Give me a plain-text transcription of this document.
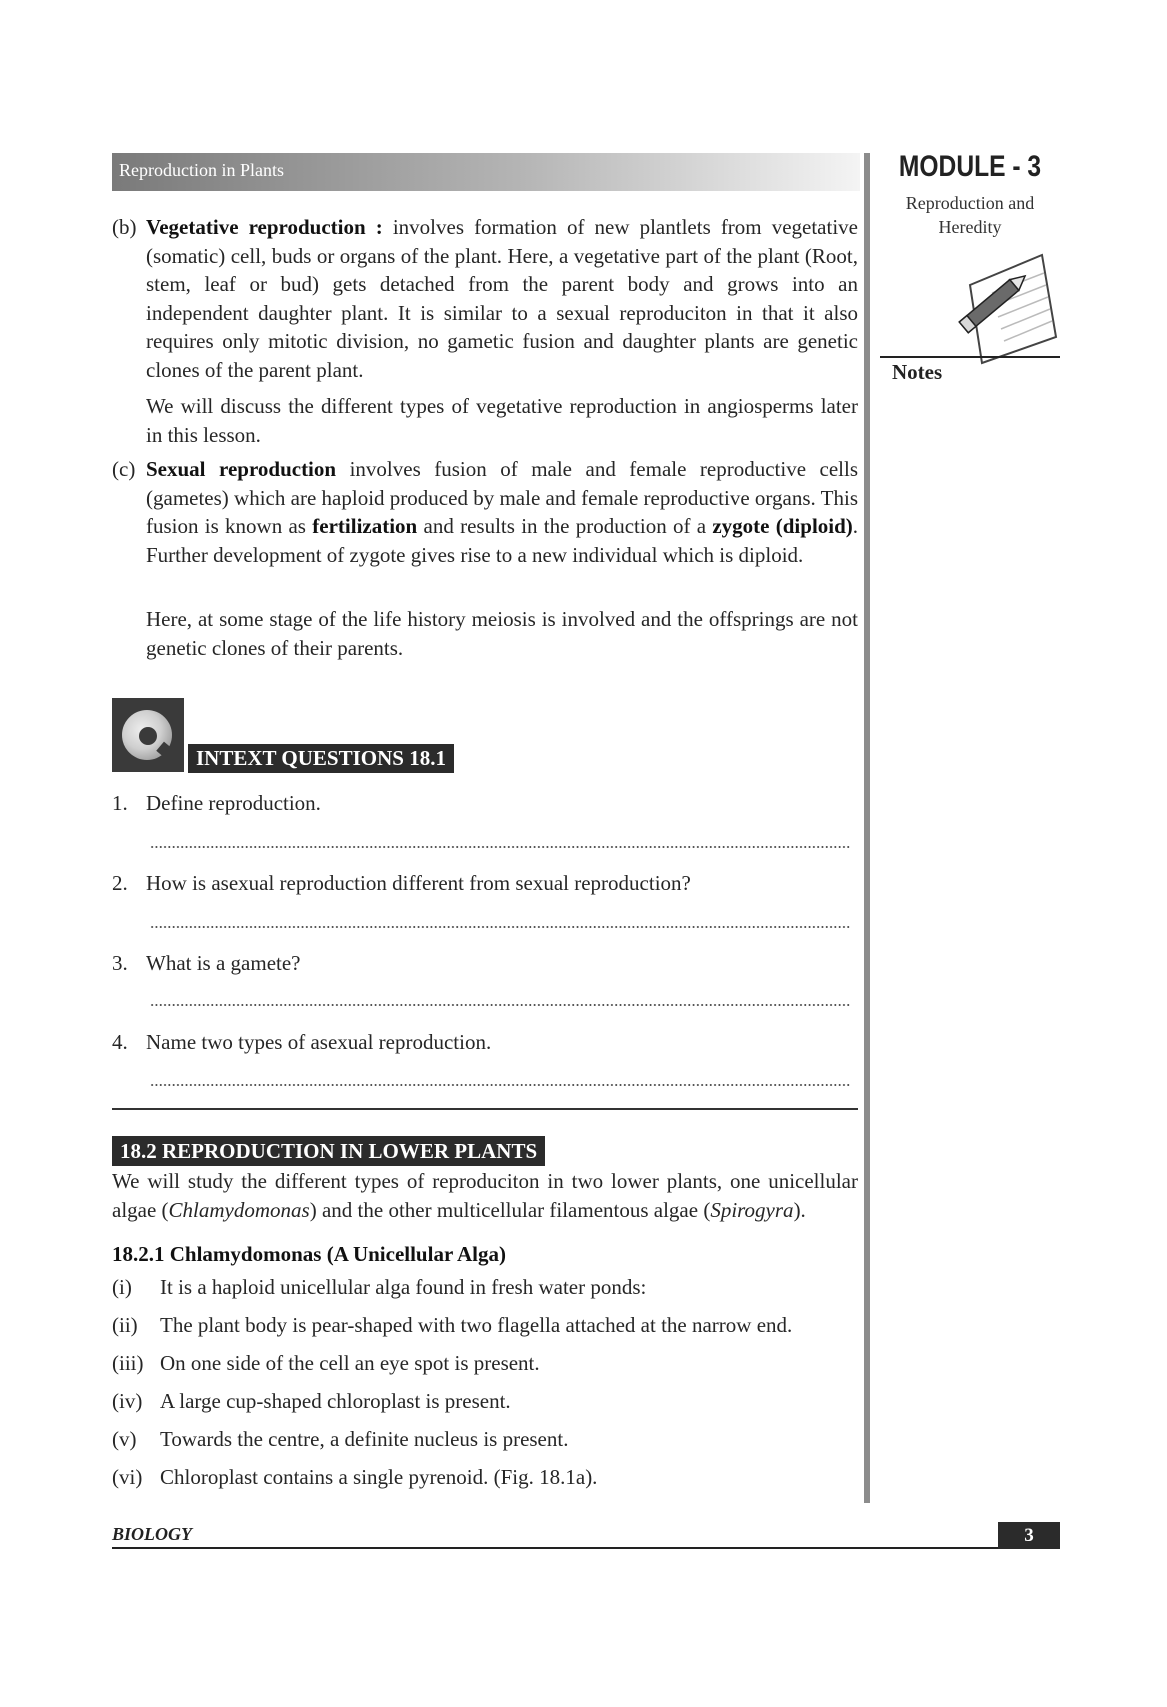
Reproduction in Plants	MODULE - 3
Reproduction and
Heredity
Notes
(b) Vegetative reproduction : involves formation of new plantlets from vegetative (somatic) cell, buds or organs of the plant. Here, a vegetative part of the plant (Root, stem, leaf or bud) gets detached from the parent body and grows into an independent daughter plant. It is similar to a sexual reproduciton in that it also requires only mitotic division, no gametic fusion and daughter plants are genetic clones of the parent plant.
We will discuss the different types of vegetative reproduction in angiosperms later in this lesson.
(c) Sexual reproduction involves fusion of male and female reproductive cells (gametes) which are haploid produced by male and female reproductive organs. This fusion is known as fertilization and results in the production of a zygote (diploid). Further development of zygote gives rise to a new individual which is diploid.
Here, at some stage of the life history meiosis is involved and the offsprings are not genetic clones of their parents.
INTEXT QUESTIONS 18.1
1. Define reproduction.
2. How is asexual reproduction different from sexual reproduction?
3. What is a gamete?
4. Name two types of asexual reproduction.
18.2 REPRODUCTION IN LOWER PLANTS
We will study the different types of reproduciton in two lower plants, one unicellular algae (Chlamydomonas) and the other multicellular filamentous algae (Spirogyra).
18.2.1 Chlamydomonas (A Unicellular Alga)
(i) It is a haploid unicellular alga found in fresh water ponds:
(ii) The plant body is pear-shaped with two flagella attached at the narrow end.
(iii) On one side of the cell an eye spot is present.
(iv) A large cup-shaped chloroplast is present.
(v) Towards the centre, a definite nucleus is present.
(vi) Chloroplast contains a single pyrenoid. (Fig. 18.1a).
BIOLOGY	3
